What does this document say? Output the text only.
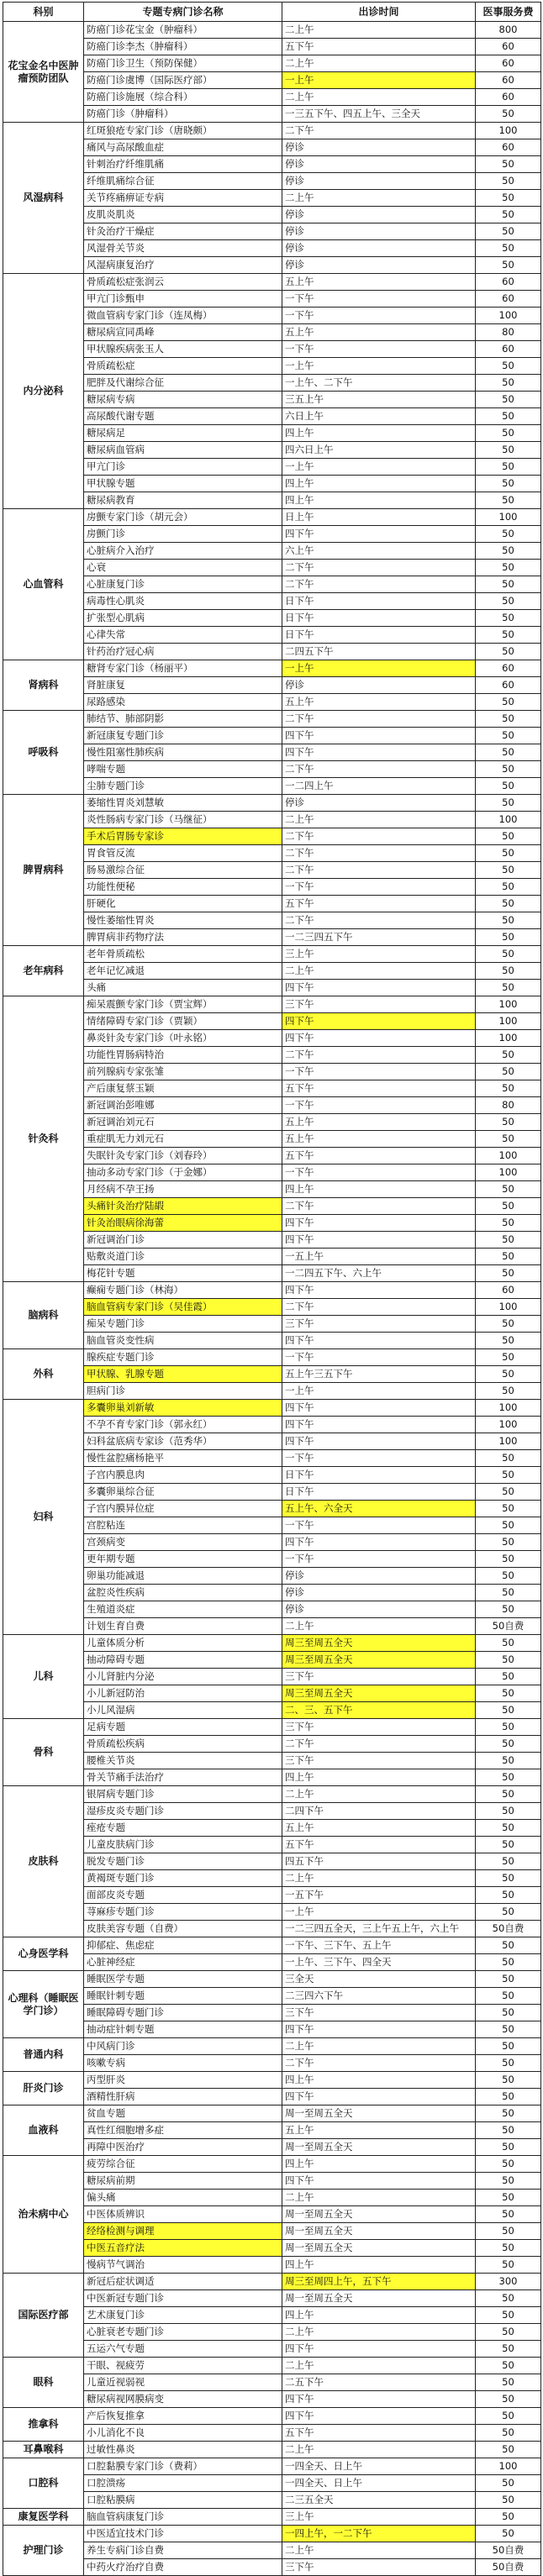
科别	专题专病门诊名称	出诊时间	医事服务费
花宝金名中医肿瘤预防团队	防癌门诊花宝金（肿瘤科）	二上午	800
	防癌门诊李杰（肿瘤科）	五下午	60
	防癌门诊卫生（预防保健）	二上午	60
	防癌门诊虞博（国际医疗部）	一上午	60
	防癌门诊施展（综合科）	二上午	60
	防癌门诊（肿瘤科）	一三五下午、四五上午、三全天	50
风湿病科	红斑狼疮专家门诊（唐晓颇）	二下午	100
	痛风与高尿酸血症	停诊	60
	针刺治疗纤维肌痛	停诊	50
	纤维肌痛综合征	停诊	50
	关节疼痛痹证专病	二上午	50
	皮肌炎肌炎	停诊	50
	针灸治疗干燥症	停诊	50
	风湿骨关节炎	停诊	50
	风湿病康复治疗	停诊	50
内分泌科	骨质疏松症张润云	五上午	60
	甲亢门诊甄申	一下午	60
	微血管病专家门诊（连凤梅）	一下午	100
	糖尿病宣同禹峰	五上午	80
	甲状腺疾病张玉人	一下午	60
	骨质疏松症	一上午	50
	肥胖及代谢综合征	一上午、二下午	50
	糖尿病专病	三五上午	50
	高尿酸代谢专题	六日上午	50
	糖尿病足	四上午	50
	糖尿病血管病	四六日上午	50
	甲亢门诊	一上午	50
	甲状腺专题	四上午	50
	糖尿病教育	四上午	50
心血管科	房颤专家门诊（胡元会）	日上午	100
	房颤门诊	四下午	50
	心脏病介入治疗	六上午	50
	心衰	二下午	50
	心脏康复门诊	二下午	50
	病毒性心肌炎	日下午	50
	扩张型心肌病	日下午	50
	心律失常	日下午	50
	针药治疗冠心病	二四五下午	50
肾病科	糖肾专家门诊（杨丽平）	一上午	60
	肾脏康复	停诊	60
	尿路感染	五上午	50
呼吸科	肺结节、肺部阴影	二下午	50
	新冠康复专题门诊	四下午	50
	慢性阻塞性肺疾病	四下午	50
	哮喘专题	二下午	50
	尘肺专题门诊	一二四上午	50
脾胃病科	萎缩性胃炎刘慧敏	停诊	50
	炎性肠病专家门诊（马继征）	二上午	100
	手术后胃肠专家诊	二下午	50
	胃食管反流	二下午	50
	肠易激综合征	二下午	50
	功能性便秘	一下午	50
	肝硬化	五下午	50
	慢性萎缩性胃炎	二下午	50
	脾胃病非药物疗法	一二三四五下午	50
老年病科	老年骨质疏松	三上午	50
	老年记忆减退	二上午	50
	头痛	四下午	50
针灸科	痴呆震颤专家门诊（贾宝辉）	三下午	100
	情绪障碍专家门诊（贾颖）	四下午	100
	鼻炎针灸专家门诊（叶永铭）	四下午	100
	功能性胃肠病特治	二下午	50
	前列腺病专家张雏	一下午	50
	产后康复蔡玉颖	五下午	50
	新冠调治彭唯娜	一下午	80
	新冠调治刘元石	五上午	50
	重症肌无力刘元石	五上午	50
	失眠针灸专家门诊（刘春玲）	五下午	100
	抽动多动专家门诊（于金娜）	一下午	100
	月经病不孕王扬	四上午	50
	头痛针灸治疗陆嘏	二下午	50
	针灸治眼病徐海蕾	四下午	50
	新冠调治门诊	四下午	50
	贴敷炎道门诊	一五上午	50
	梅花针专题	一二四五下午、六上午	50
脑病科	癫痫专题门诊（林海）	四下午	60
	脑血管病专家门诊（吴佳霞）	二下午	100
	痴呆专题门诊	三下午	50
	脑血管炎变性病	四下午	50
外科	腺疾症专题门诊	一下午	50
	甲状腺、乳腺专题	五上午三五下午	50
	胆病门诊	一上午	50
妇科	多囊卵巢刘新敏	四下午	100
	不孕不育专家门诊（郭永红）	四下午	100
	妇科盆底病专家诊（范秀华）	四下午	100
	慢性盆腔痛杨艳平	一下午	50
	子宫内膜息肉	日下午	50
	多囊卵巢综合征	日下午	50
	子宫内膜异位症	五上午、六全天	50
	宫腔粘连	一下午	50
	宫颈病变	四下午	50
	更年期专题	一下午	50
	卵巢功能减退	停诊	50
	盆腔炎性疾病	停诊	50
	生殖道炎症	停诊	50
	计划生育自费	二上午	50自费
儿科	儿童体质分析	周三至周五全天	50
	抽动障碍专题	周三至周五全天	50
	小儿肾脏内分泌	三下午	50
	小儿新冠防治	周三至周五全天	50
	小儿风湿病	二、三、五下午	50
骨科	足病专题	三下午	50
	骨质疏松疾病	二下午	50
	腰椎关节炎	三下午	50
	骨关节痛手法治疗	四上午	50
皮肤科	银屑病专题门诊	二上午	50
	湿疹皮炎专题门诊	二四下午	50
	痤疮专题	五上午	50
	儿童皮肤病门诊	五下午	50
	脱发专题门诊	四五下午	50
	黄褐斑专题门诊	二上午	50
	面部皮炎专题	一五下午	50
	荨麻疹专题门诊	一上午	50
	皮肤美容专题（自费）	一二三四五全天，三上午五上午，六上午	50自费
心身医学科	抑郁症、焦虑症	一下午、三下午、五上午	50
	心脏神经症	一上午、三下午、四全天	50
心理科（睡眠医学门诊）	睡眠医学专题	三全天	50
	睡眠针刺专题	二三四六下午	50
	睡眠障碍专题门诊	三下午	50
	抽动症针刺专题	四下午	50
普通内科	中风病门诊	二上午	50
	咳嗽专病	二下午	50
肝炎门诊	丙型肝炎	四上午	50
	酒精性肝病	四下午	50
血液科	贫血专题	周一至周五全天	50
	真性红细胞增多症	五上午	50
	再障中医治疗	周一至周五全天	50
治未病中心	疲劳综合征	四上午	50
	糖尿病前期	四下午	50
	偏头痛	二上午	50
	中医体质辨识	周一至周五全天	50
	经络检测与调理	周一至周五全天	50
	中医五音疗法	周一至周五全天	50
	慢病节气调治	四上午	50
国际医疗部	新冠后症状调适	周三至周四上午，五下午	300
	中医新冠专题门诊	周一至周五全天	50
	艺术康复门诊	四上午	50
	心脏衰老专题门诊	二上午	50
	五运六气专题	四下午	50
眼科	干眼、视疲劳	二上午	50
	儿童近视弱视	二五下午	50
	糖尿病视网膜病变	四下午	50
推拿科	产后恢复推拿	四下午	50
	小儿消化不良	五下午	50
耳鼻喉科	过敏性鼻炎	二上午	50
口腔科	口腔黏膜专家门诊（费莉）	一四全天、日上午	100
	口腔溃疡	一四全天、日上午	50
	口腔粘膜病	二三五全天	50
康复医学科	脑血管病康复门诊	三上午	50
护理门诊	中医适宜技术门诊	一四上午，一二下午	50
	养生专病门诊自费	二上午	50自费
	中药火疗治疗自费	三下午	50自费
